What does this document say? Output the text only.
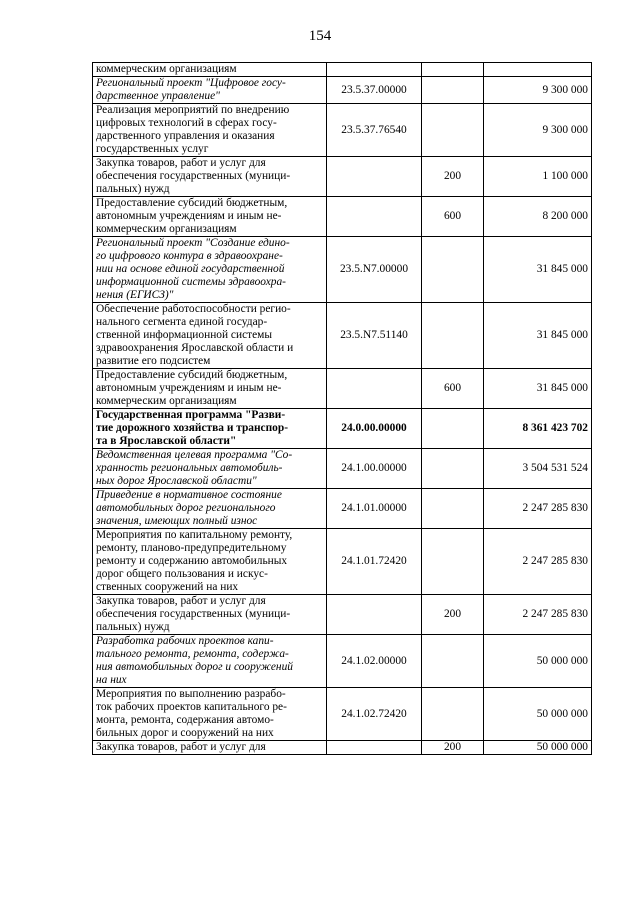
154
коммерческим организациям			

Региональный проект "Цифровое госу-
дарственное управление"	23.5.37.00000		9 300 000

Реализация мероприятий по внедрению
цифровых технологий в сферах госу-
дарственного управления и оказания
государственных услуг	23.5.37.76540		9 300 000

Закупка товаров, работ и услуг для
обеспечения государственных (муници-
пальных) нужд		200	1 100 000

Предоставление субсидий бюджетным,
автономным учреждениям и иным не-
коммерческим организациям		600	8 200 000

Региональный проект "Создание едино-
го цифрового контура в здравоохране-
нии на основе единой государственной
информационной системы здравоохра-
нения (ЕГИСЗ)"	23.5.N7.00000		31 845 000

Обеспечение работоспособности регио-
нального сегмента единой государ-
ственной информационной системы
здравоохранения Ярославской области и
развитие его подсистем	23.5.N7.51140		31 845 000

Предоставление субсидий бюджетным,
автономным учреждениям и иным не-
коммерческим организациям		600	31 845 000

Государственная программа "Разви-
тие дорожного хозяйства и транспор-
та в Ярославской области"	24.0.00.00000		8 361 423 702

Ведомственная целевая программа "Со-
хранность региональных автомобиль-
ных дорог Ярославской области"	24.1.00.00000		3 504 531 524

Приведение в нормативное состояние
автомобильных дорог регионального
значения, имеющих полный износ	24.1.01.00000		2 247 285 830

Мероприятия по капитальному ремонту,
ремонту, планово-предупредительному
ремонту и содержанию автомобильных
дорог общего пользования и искус-
ственных сооружений на них	24.1.01.72420		2 247 285 830

Закупка товаров, работ и услуг для
обеспечения государственных (муници-
пальных) нужд		200	2 247 285 830

Разработка рабочих проектов капи-
тального ремонта, ремонта, содержа-
ния автомобильных дорог и сооружений
на них	24.1.02.00000		50 000 000

Мероприятия по выполнению разрабо-
ток рабочих проектов капитального ре-
монта, ремонта, содержания автомо-
бильных дорог и сооружений на них	24.1.02.72420		50 000 000

Закупка товаров, работ и услуг для		200	50 000 000
